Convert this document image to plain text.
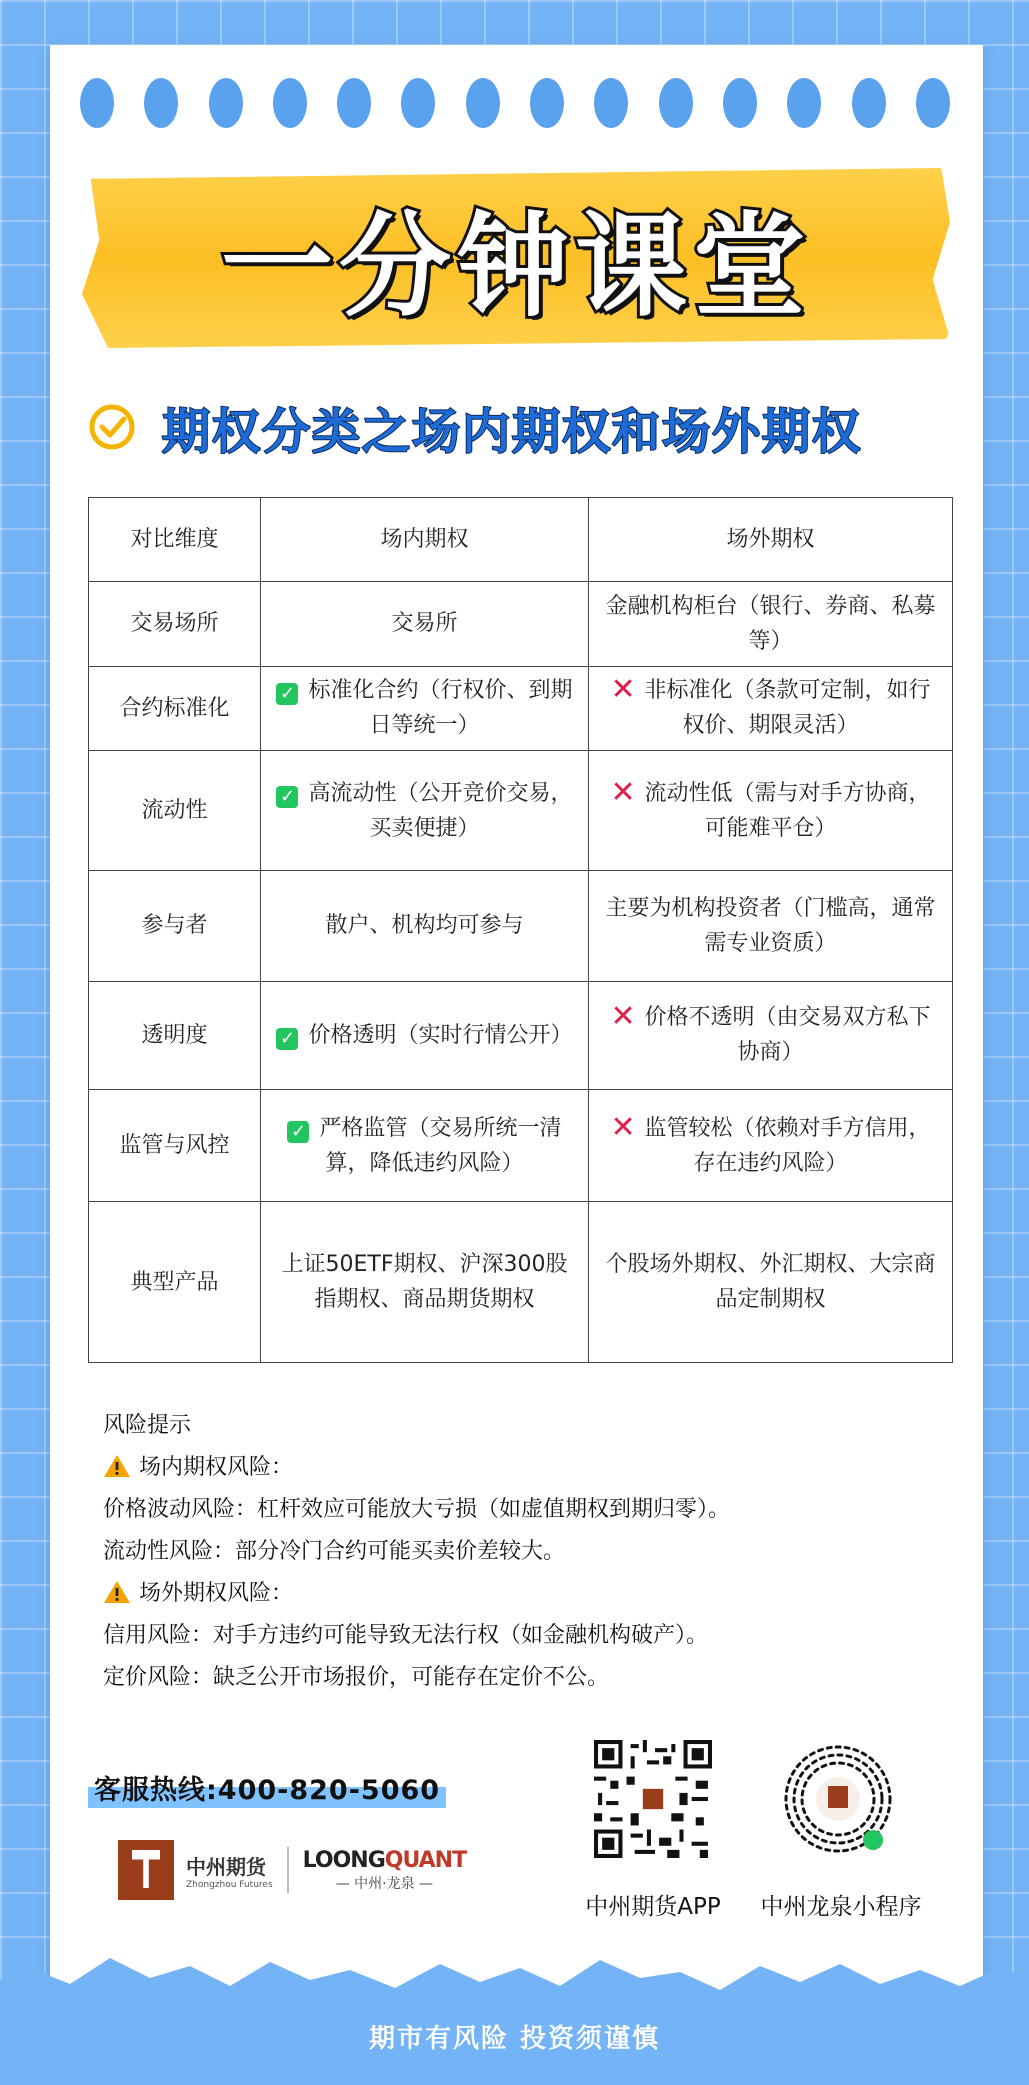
一分钟课堂
期权分类之场内期权和场外期权
对比维度	场内期权	场外期权
交易场所	交易所	金融机构柜台（银行、券商、私募等）
合约标准化	✓ 标准化合约（行权价、到期日等统一）	✕ 非标准化（条款可定制，如行权价、期限灵活）
流动性	✓ 高流动性（公开竞价交易，买卖便捷）	✕ 流动性低（需与对手方协商，可能难平仓）
参与者	散户、机构均可参与	主要为机构投资者（门槛高，通常需专业资质）
透明度	✓ 价格透明（实时行情公开）	✕ 价格不透明（由交易双方私下协商）
监管与风控	✓ 严格监管（交易所统一清算，降低违约风险）	✕ 监管较松（依赖对手方信用，存在违约风险）
典型产品	上证50ETF期权、沪深300股指期权、商品期货期权	个股场外期权、外汇期权、大宗商品定制期权
风险提示
场内期权风险：
价格波动风险：杠杆效应可能放大亏损（如虚值期权到期归零）。
流动性风险：部分冷门合约可能买卖价差较大。
场外期权风险：
信用风险：对手方违约可能导致无法行权（如金融机构破产）。
定价风险：缺乏公开市场报价，可能存在定价不公。
客服热线:400-820-5060
中州期货
Zhongzhou Futures
LOONGQUANT
— 中州·龙泉 —
中州期货APP	中州龙泉小程序
期市有风险 投资须谨慎
